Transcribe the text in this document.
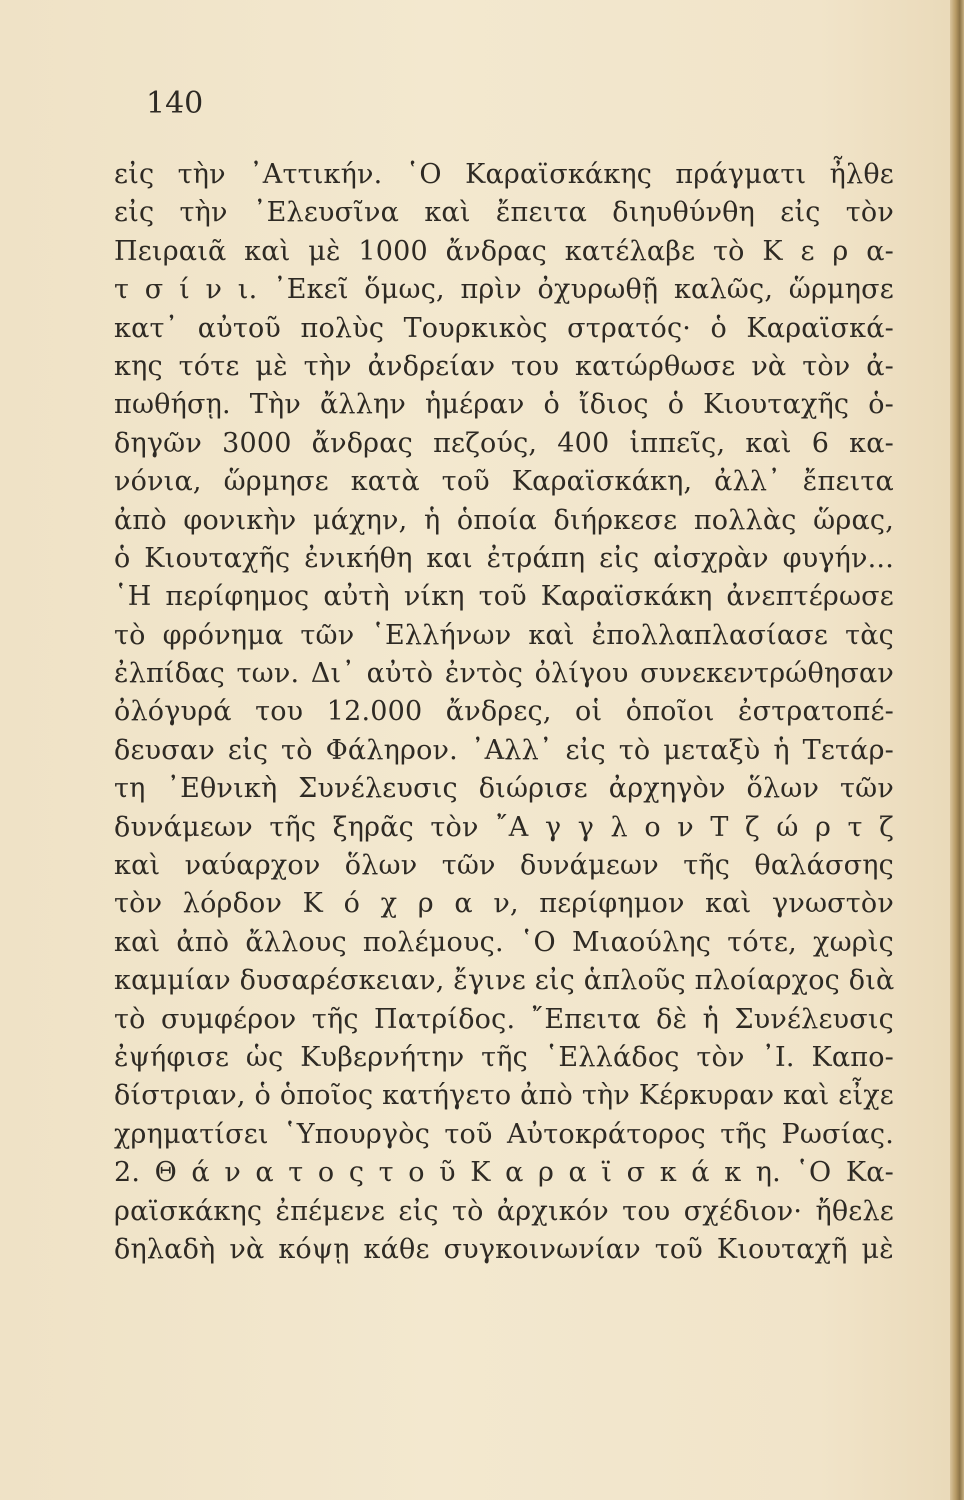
140
εἰς τὴν ᾿Αττικήν. ῾Ο Καραϊσκάκης πράγματι ἦλθε
εἰς τὴν ᾿Ελευσῖνα καὶ ἔπειτα διηυθύνθη εἰς τὸν
Πειραιᾶ καὶ μὲ 1000 ἄνδρας κατέλαβε τὸ Κ ε ρ α-
τ σ ί ν ι. ᾿Εκεῖ ὅμως, πρὶν ὀχυρωθῇ καλῶς, ὥρμησε
κατ᾿ αὐτοῦ πολὺς Τουρκικὸς στρατός· ὁ Καραϊσκά-
κης τότε μὲ τὴν ἀνδρείαν του κατώρθωσε νὰ τὸν ἀ-
πωθήσῃ. Τὴν ἄλλην ἡμέραν ὁ ἴδιος ὁ Κιουταχῆς ὁ-
δηγῶν 3000 ἄνδρας πεζούς, 400 ἱππεῖς, καὶ 6 κα-
νόνια, ὥρμησε κατὰ τοῦ Καραϊσκάκη, ἀλλ᾿ ἔπειτα
ἀπὸ φονικὴν μάχην, ἡ ὁποία διήρκεσε πολλὰς ὥρας,
ὁ Κιουταχῆς ἐνικήθη και ἐτράπη εἰς αἰσχρὰν φυγήν...
῾Η περίφημος αὐτὴ νίκη τοῦ Καραϊσκάκη ἀνεπτέρωσε
τὸ φρόνημα τῶν ῾Ελλήνων καὶ ἐπολλαπλασίασε τὰς
ἐλπίδας των. Δι᾿ αὐτὸ ἐντὸς ὀλίγου συνεκεντρώθησαν
ὀλόγυρά του 12.000 ἄνδρες, οἱ ὁποῖοι ἐστρατοπέ-
δευσαν εἰς τὸ Φάληρον. ᾿Αλλ᾿ εἰς τὸ μεταξὺ ἡ Τετάρ-
τη ᾿Εθνικὴ Συνέλευσις διώρισε ἀρχηγὸν ὅλων τῶν
δυνάμεων τῆς ξηρᾶς τὸν ῎Α γ γ λ ο ν Τ ζ ώ ρ τ ζ
καὶ ναύαρχον ὅλων τῶν δυνάμεων τῆς θαλάσσης
τὸν λόρδον Κ ό χ ρ α ν, περίφημον καὶ γνωστὸν
καὶ ἀπὸ ἄλλους πολέμους. ῾Ο Μιαούλης τότε, χωρὶς
καμμίαν δυσαρέσκειαν, ἔγινε εἰς ἁπλοῦς πλοίαρχος διὰ
τὸ συμφέρον τῆς Πατρίδος. ῎Επειτα δὲ ἡ Συνέλευσις
ἐψήφισε ὡς Κυβερνήτην τῆς ῾Ελλάδος τὸν ᾿Ι. Καπο-
δίστριαν, ὁ ὁποῖος κατήγετο ἀπὸ τὴν Κέρκυραν καὶ εἶχε
χρηματίσει ῾Υπουργὸς τοῦ Αὐτοκράτορος τῆς Ρωσίας.
2. Θ ά ν α τ ο ς τ ο ῦ Κ α ρ α ϊ σ κ ά κ η. ῾Ο Κα-
ραϊσκάκης ἐπέμενε εἰς τὸ ἀρχικόν του σχέδιον· ἤθελε
δηλαδὴ νὰ κόψῃ κάθε συγκοινωνίαν τοῦ Κιουταχῆ μὲ
